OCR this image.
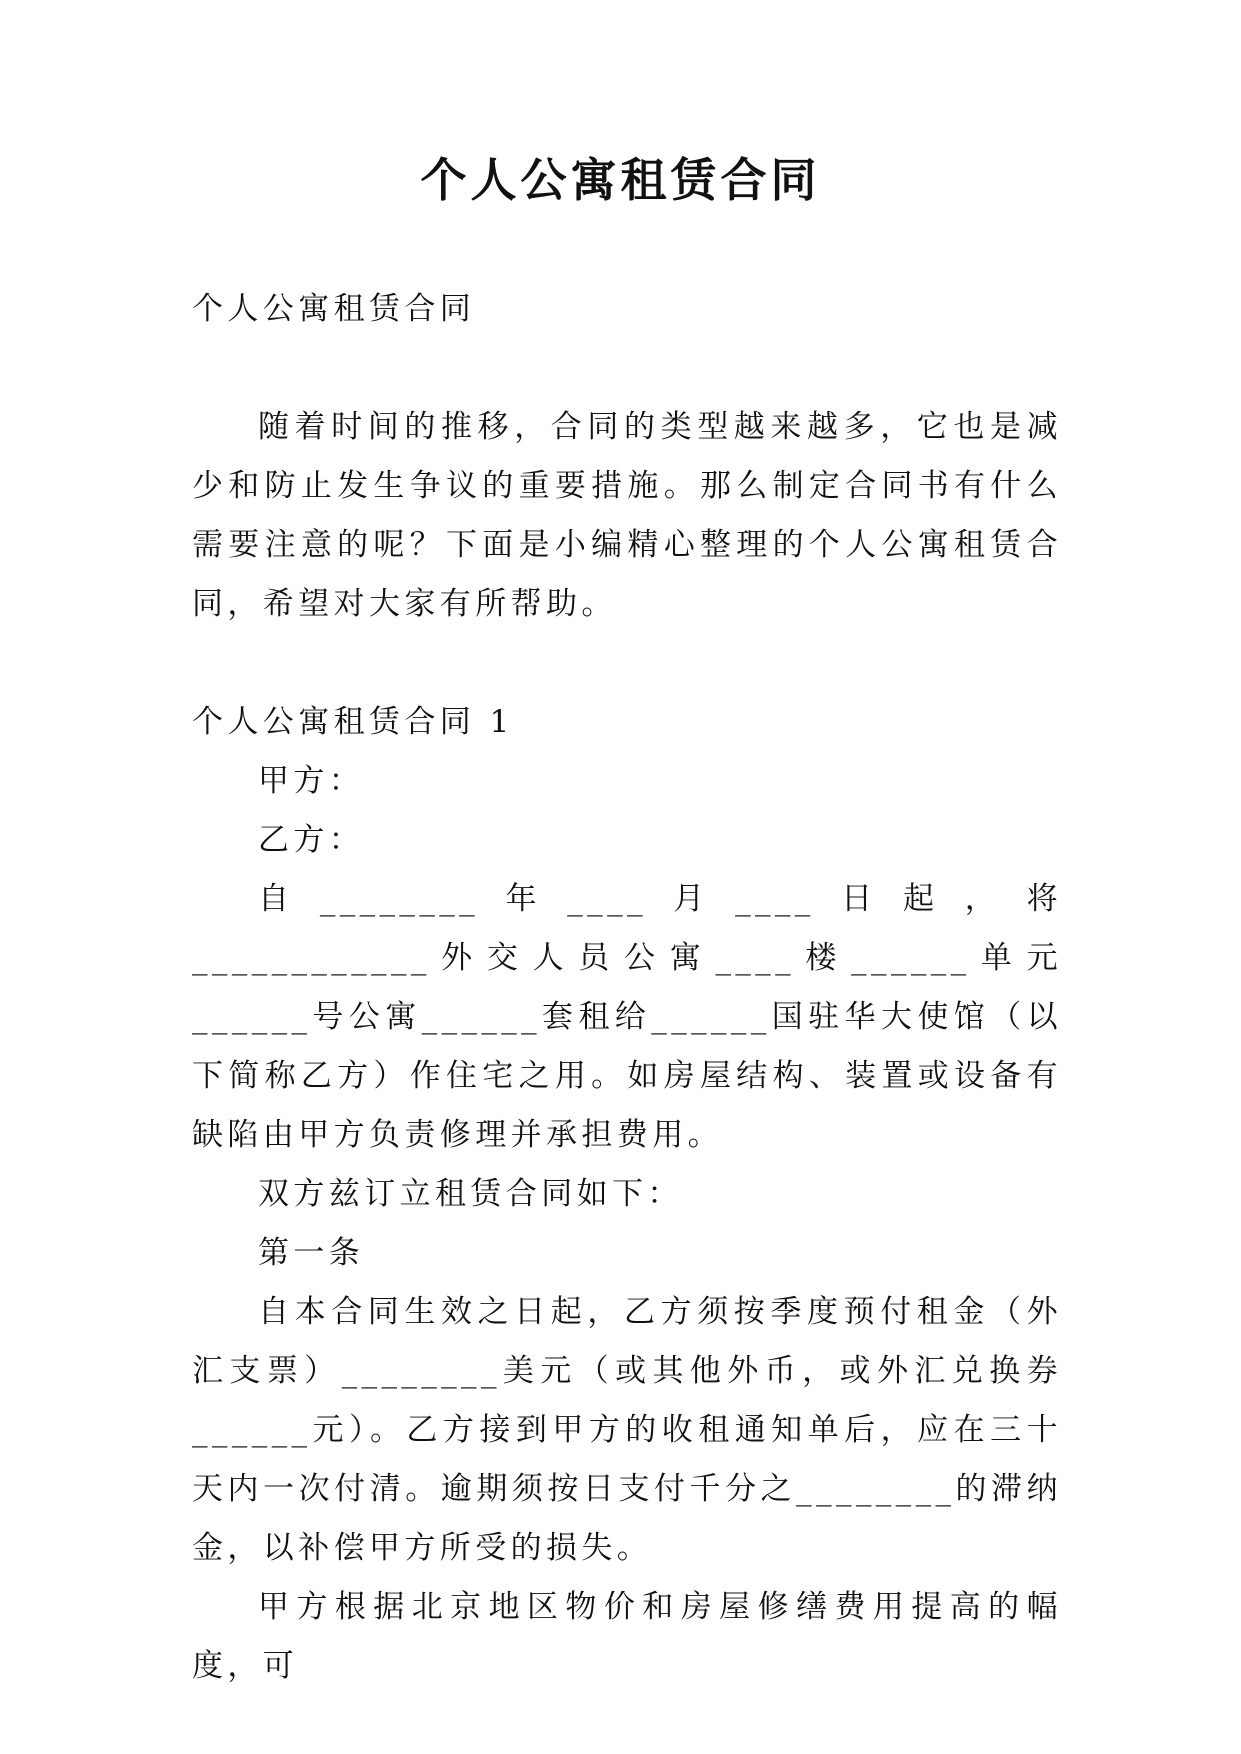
个人公寓租赁合同

个人公寓租赁合同

随着时间的推移，合同的类型越来越多，它也是减少和防止发生争议的重要措施。那么制定合同书有什么需要注意的呢？下面是小编精心整理的个人公寓租赁合同，希望对大家有所帮助。

个人公寓租赁合同 1

甲方：

乙方：

自________年____月____日起，将____________外交人员公寓____楼______单元______号公寓______套租给______国驻华大使馆（以下简称乙方）作住宅之用。如房屋结构、装置或设备有缺陷由甲方负责修理并承担费用。

双方兹订立租赁合同如下：

第一条

自本合同生效之日起，乙方须按季度预付租金（外汇支票）________美元（或其他外币，或外汇兑换券______元）。乙方接到甲方的收租通知单后，应在三十天内一次付清。逾期须按日支付千分之________的滞纳金，以补偿甲方所受的损失。

甲方根据北京地区物价和房屋修缮费用提高的幅度，可
